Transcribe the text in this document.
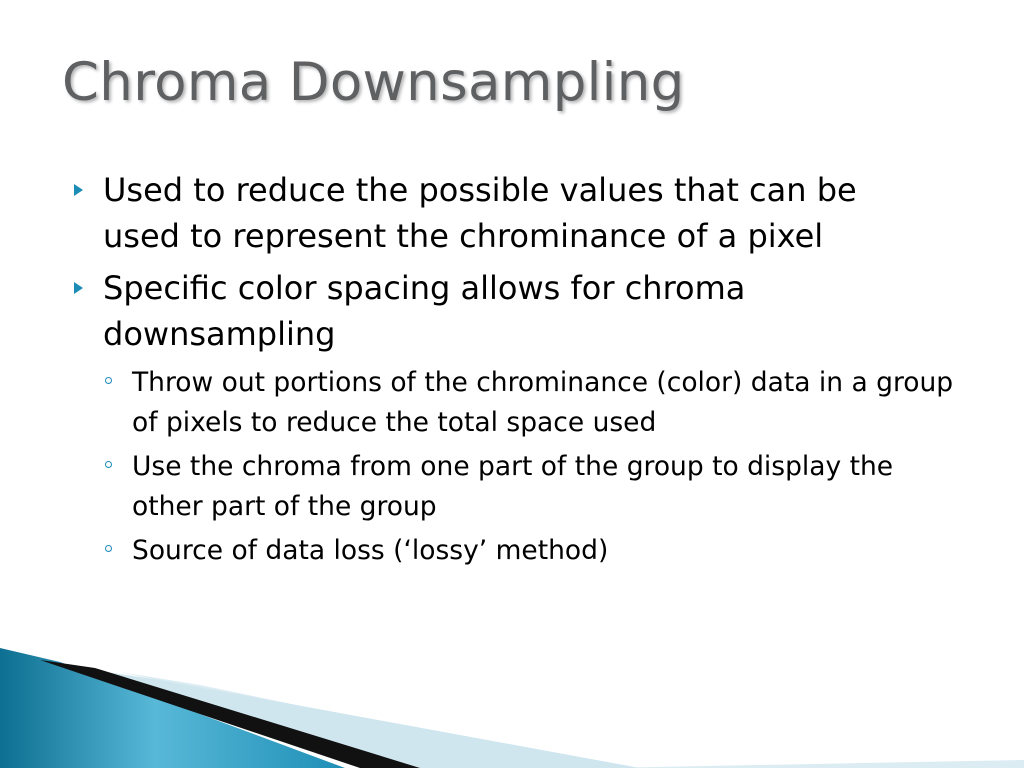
Chroma Downsampling
Used to reduce the possible values that can be used to represent the chrominance of a pixel
Specific color spacing allows for chroma downsampling
Throw out portions of the chrominance (color) data in a group of pixels to reduce the total space used
Use the chroma from one part of the group to display the other part of the group
Source of data loss (‘lossy’ method)
